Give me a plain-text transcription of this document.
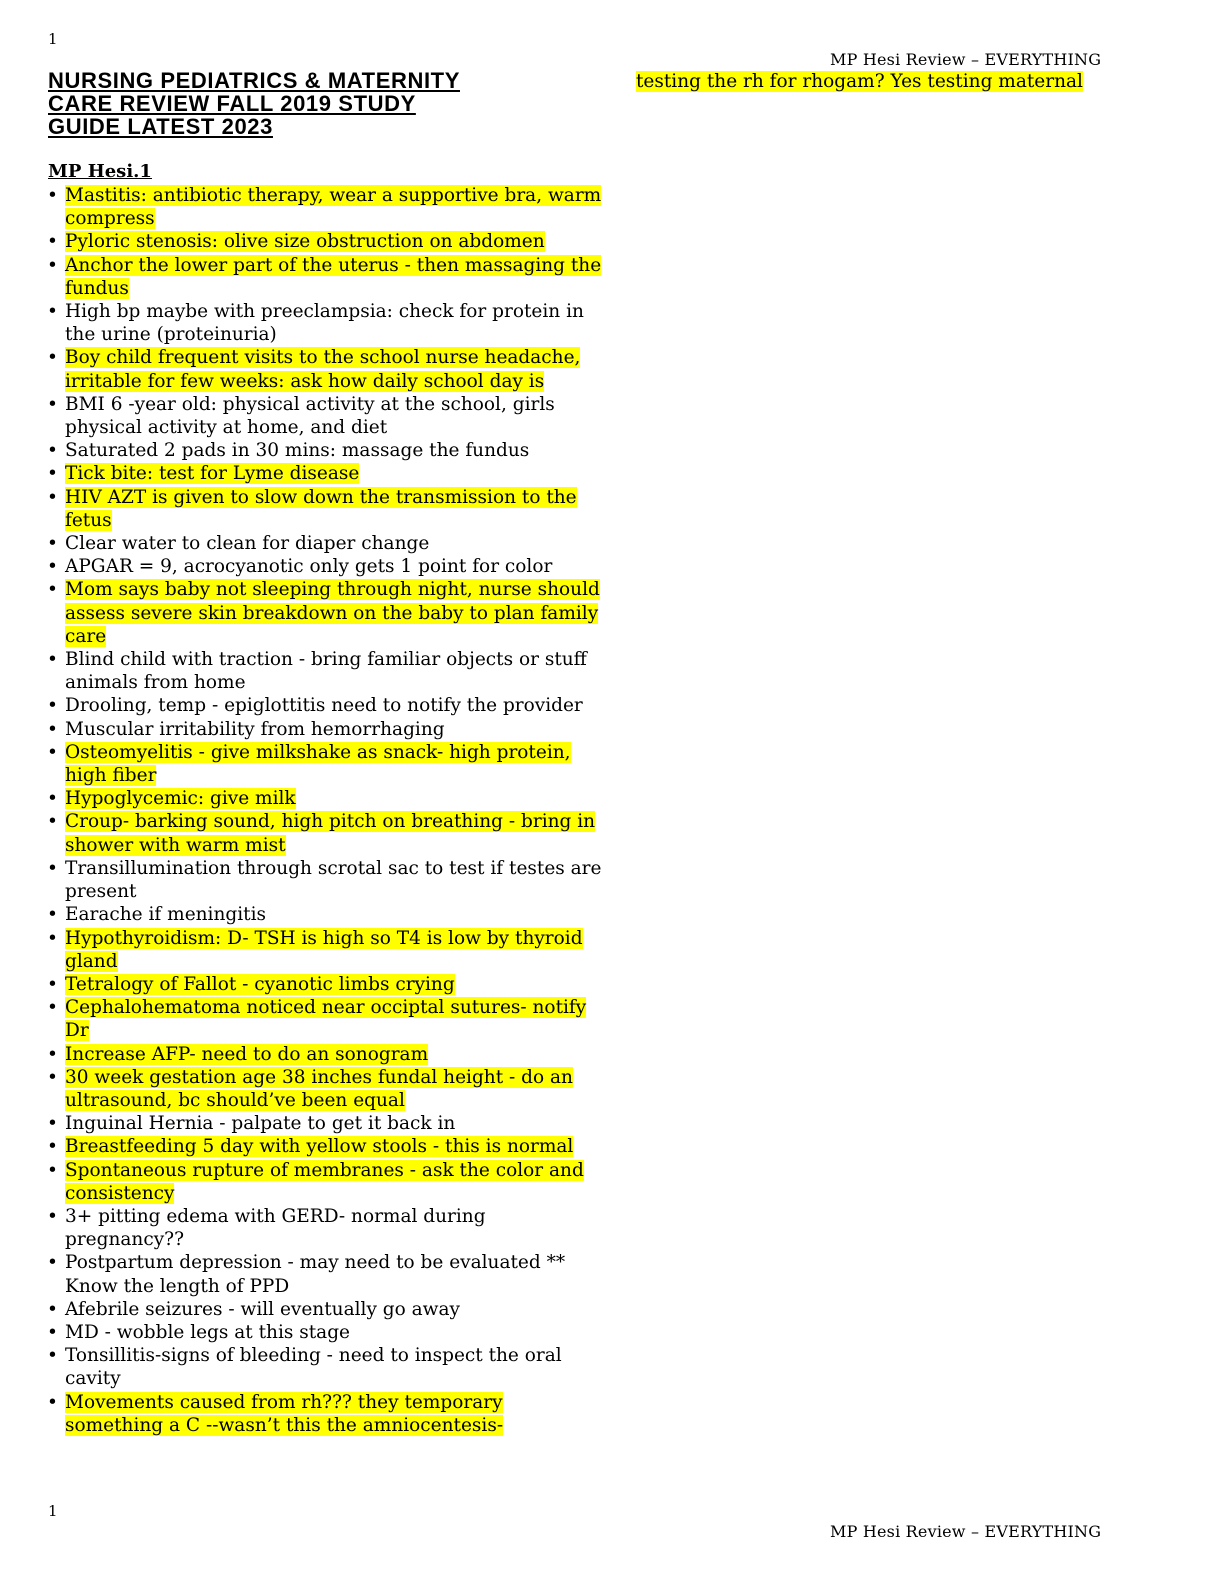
1
MP Hesi Review – EVERYTHING
NURSING PEDIATRICS & MATERNITY
CARE REVIEW FALL 2019 STUDY
GUIDE LATEST 2023
MP Hesi.1
• Mastitis: antibiotic therapy, wear a supportive bra, warm compress
• Pyloric stenosis: olive size obstruction on abdomen
• Anchor the lower part of the uterus - then massaging the fundus
• High bp maybe with preeclampsia: check for protein in the urine (proteinuria)
• Boy child frequent visits to the school nurse headache, irritable for few weeks: ask how daily school day is
• BMI 6 -year old: physical activity at the school, girls physical activity at home, and diet
• Saturated 2 pads in 30 mins: massage the fundus
• Tick bite: test for Lyme disease
• HIV AZT is given to slow down the transmission to the fetus
• Clear water to clean for diaper change
• APGAR = 9, acrocyanotic only gets 1 point for color
• Mom says baby not sleeping through night, nurse should assess severe skin breakdown on the baby to plan family care
• Blind child with traction - bring familiar objects or stuff animals from home
• Drooling, temp - epiglottitis need to notify the provider
• Muscular irritability from hemorrhaging
• Osteomyelitis - give milkshake as snack- high protein, high fiber
• Hypoglycemic: give milk
• Croup- barking sound, high pitch on breathing - bring in shower with warm mist
• Transillumination through scrotal sac to test if testes are present
• Earache if meningitis
• Hypothyroidism: D- TSH is high so T4 is low by thyroid gland
• Tetralogy of Fallot - cyanotic limbs crying
• Cephalohematoma noticed near occiptal sutures- notify Dr
• Increase AFP- need to do an sonogram
• 30 week gestation age 38 inches fundal height - do an ultrasound, bc should’ve been equal
• Inguinal Hernia - palpate to get it back in
• Breastfeeding 5 day with yellow stools - this is normal
• Spontaneous rupture of membranes - ask the color and consistency
• 3+ pitting edema with GERD- normal during pregnancy??
• Postpartum depression - may need to be evaluated ** Know the length of PPD
• Afebrile seizures - will eventually go away
• MD - wobble legs at this stage
• Tonsillitis-signs of bleeding - need to inspect the oral cavity
• Movements caused from rh??? they temporary something a C --wasn’t this the amniocentesis-
testing the rh for rhogam? Yes testing maternal
1
MP Hesi Review – EVERYTHING
